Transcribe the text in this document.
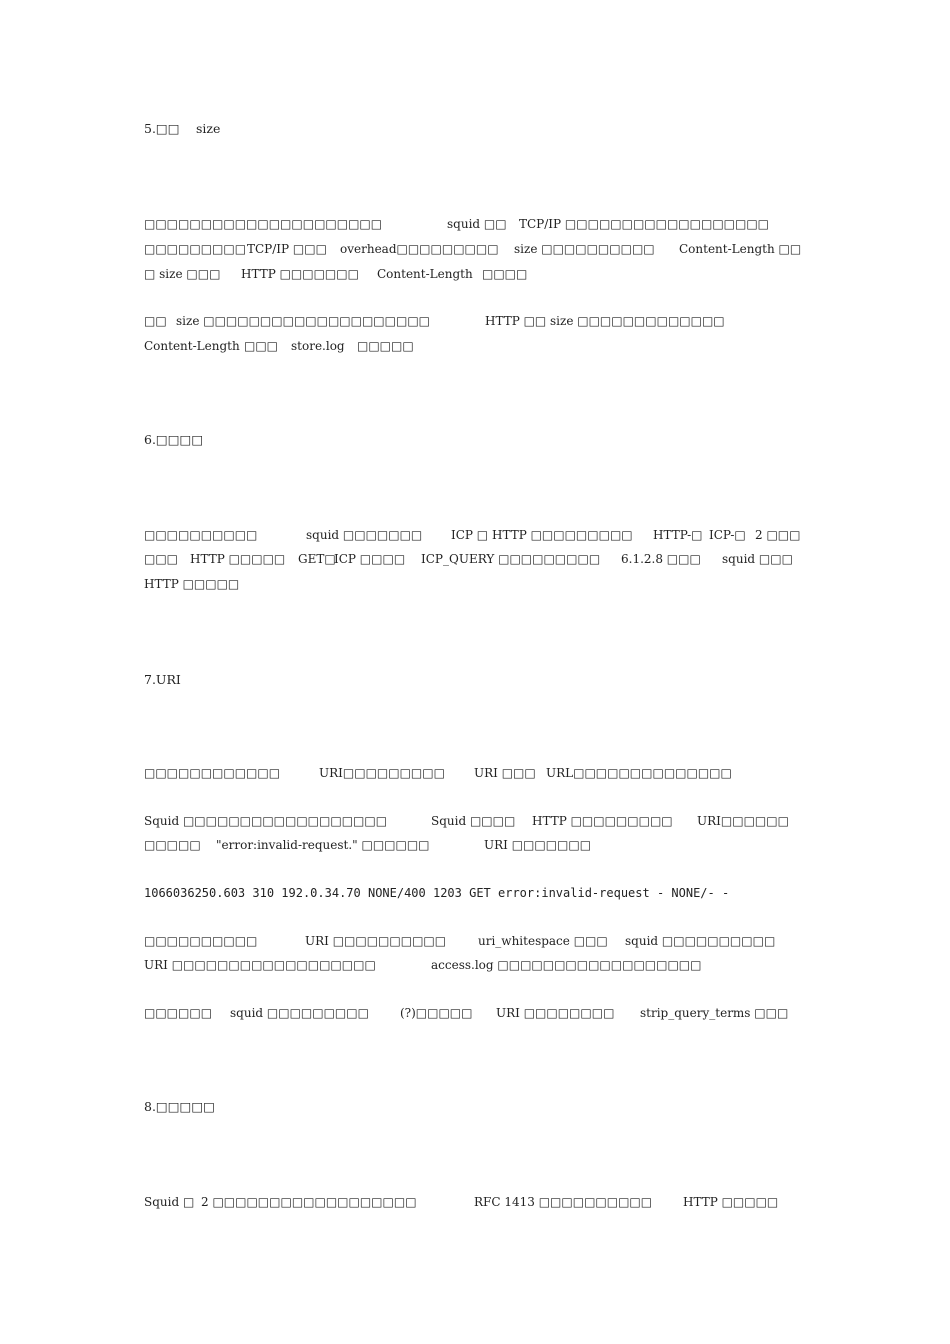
5.□□　 size
□□□□□□□□□□□□□□□□□□□□□	squid □□ TCP/IP □□□□□□□□□□□□□□□□□□
□□□□□□□□□ TCP/IP □□□ overhead□□□□□□□□□ size □□□□□□□□□□ Content-Length □□
□ size □□□ HTTP □□□□□□□ Content-Length □□□□
□□ size □□□□□□□□□□□□□□□□□□□□	HTTP □□ size □□□□□□□□□□□□□
Content-Length □□□ store.log □□□□□
6.□□□□
□□□□□□□□□□	squid □□□□□□□ ICP □ HTTP □□□□□□□□□ HTTP-□ ICP-□ 2 □□□
□□□ HTTP □□□□□ GET□
ICP □□□□ ICP_QUERY □□□□□□□□□ 6.1.2.8 □□□ squid □□□
HTTP □□□□□
7.URI
□□□□□□□□□□□□	URI□□□□□□□□□ URI □□□ URL□□□□□□□□□□□□□□
Squid □□□□□□□□□□□□□□□□□□	Squid □□□□ HTTP □□□□□□□□□ URI□□□□□□
□□□□□ "error:invalid-request." □□□□□□	URI □□□□□□□
1066036250.603 310 192.0.34.70 NONE/400 1203 GET error:invalid-request - NONE/- -
□□□□□□□□□□	URI □□□□□□□□□□	uri_whitespace □□□ squid □□□□□□□□□□
URI □□□□□□□□□□□□□□□□□□	access.log □□□□□□□□□□□□□□□□□□
□□□□□□ squid □□□□□□□□□	(?)□□□□□ URI □□□□□□□□ strip_query_terms □□□
8.□□□□□
Squid □ 2 □□□□□□□□□□□□□□□□□□	RFC 1413 □□□□□□□□□□	HTTP □□□□□
